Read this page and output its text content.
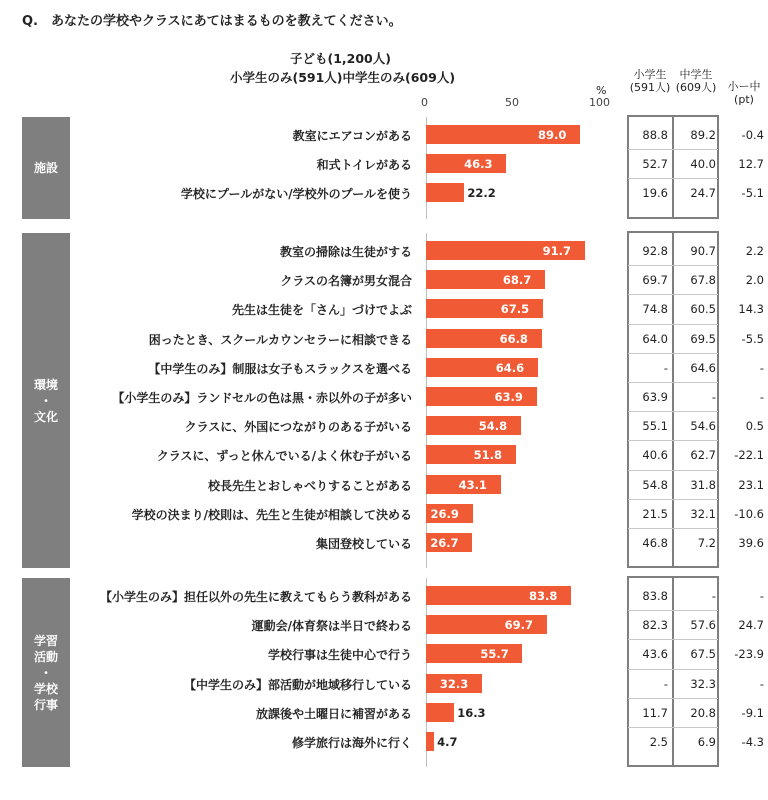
Q.　あなたの学校やクラスにあてはまるものを教えてください。
子ども(1,200人)
小学生のみ(591人)中学生のみ(609人)
%
0	50	100
小学生
(591人)
中学生
(609人)	小ー中
(pt)
施設
教室にエアコンがある	89.0	88.8	89.2	-0.4
和式トイレがある	46.3	52.7	40.0	12.7
学校にプールがない/学校外のプールを使う	22.2	19.6	24.7	-5.1
環境
・
文化
教室の掃除は生徒がする	91.7	92.8	90.7	2.2
クラスの名簿が男女混合	68.7	69.7	67.8	2.0
先生は生徒を「さん」づけでよぶ	67.5	74.8	60.5	14.3
困ったとき、スクールカウンセラーに相談できる	66.8	64.0	69.5	-5.5
【中学生のみ】制服は女子もスラックスを選べる	64.6	-	64.6	-
【小学生のみ】ランドセルの色は黒・赤以外の子が多い	63.9	63.9	-	-
クラスに、外国につながりのある子がいる	54.8	55.1	54.6	0.5
クラスに、ずっと休んでいる/よく休む子がいる	51.8	40.6	62.7	-22.1
校長先生とおしゃべりすることがある	43.1	54.8	31.8	23.1
学校の決まり/校則は、先生と生徒が相談して決める 26.9	21.5	32.1	-10.6
集団登校している 26.7	46.8	7.2	39.6
学習
活動
・
学校
行事
【小学生のみ】担任以外の先生に教えてもらう教科がある	83.8	83.8	-	-
運動会/体育祭は半日で終わる	69.7	82.3	57.6	24.7
学校行事は生徒中心で行う	55.7	43.6	67.5	-23.9
【中学生のみ】部活動が地域移行している 32.3	-	32.3	-
放課後や土曜日に補習がある	16.3	11.7	20.8	-9.1
修学旅行は海外に行く 4.7	2.5	6.9	-4.3
